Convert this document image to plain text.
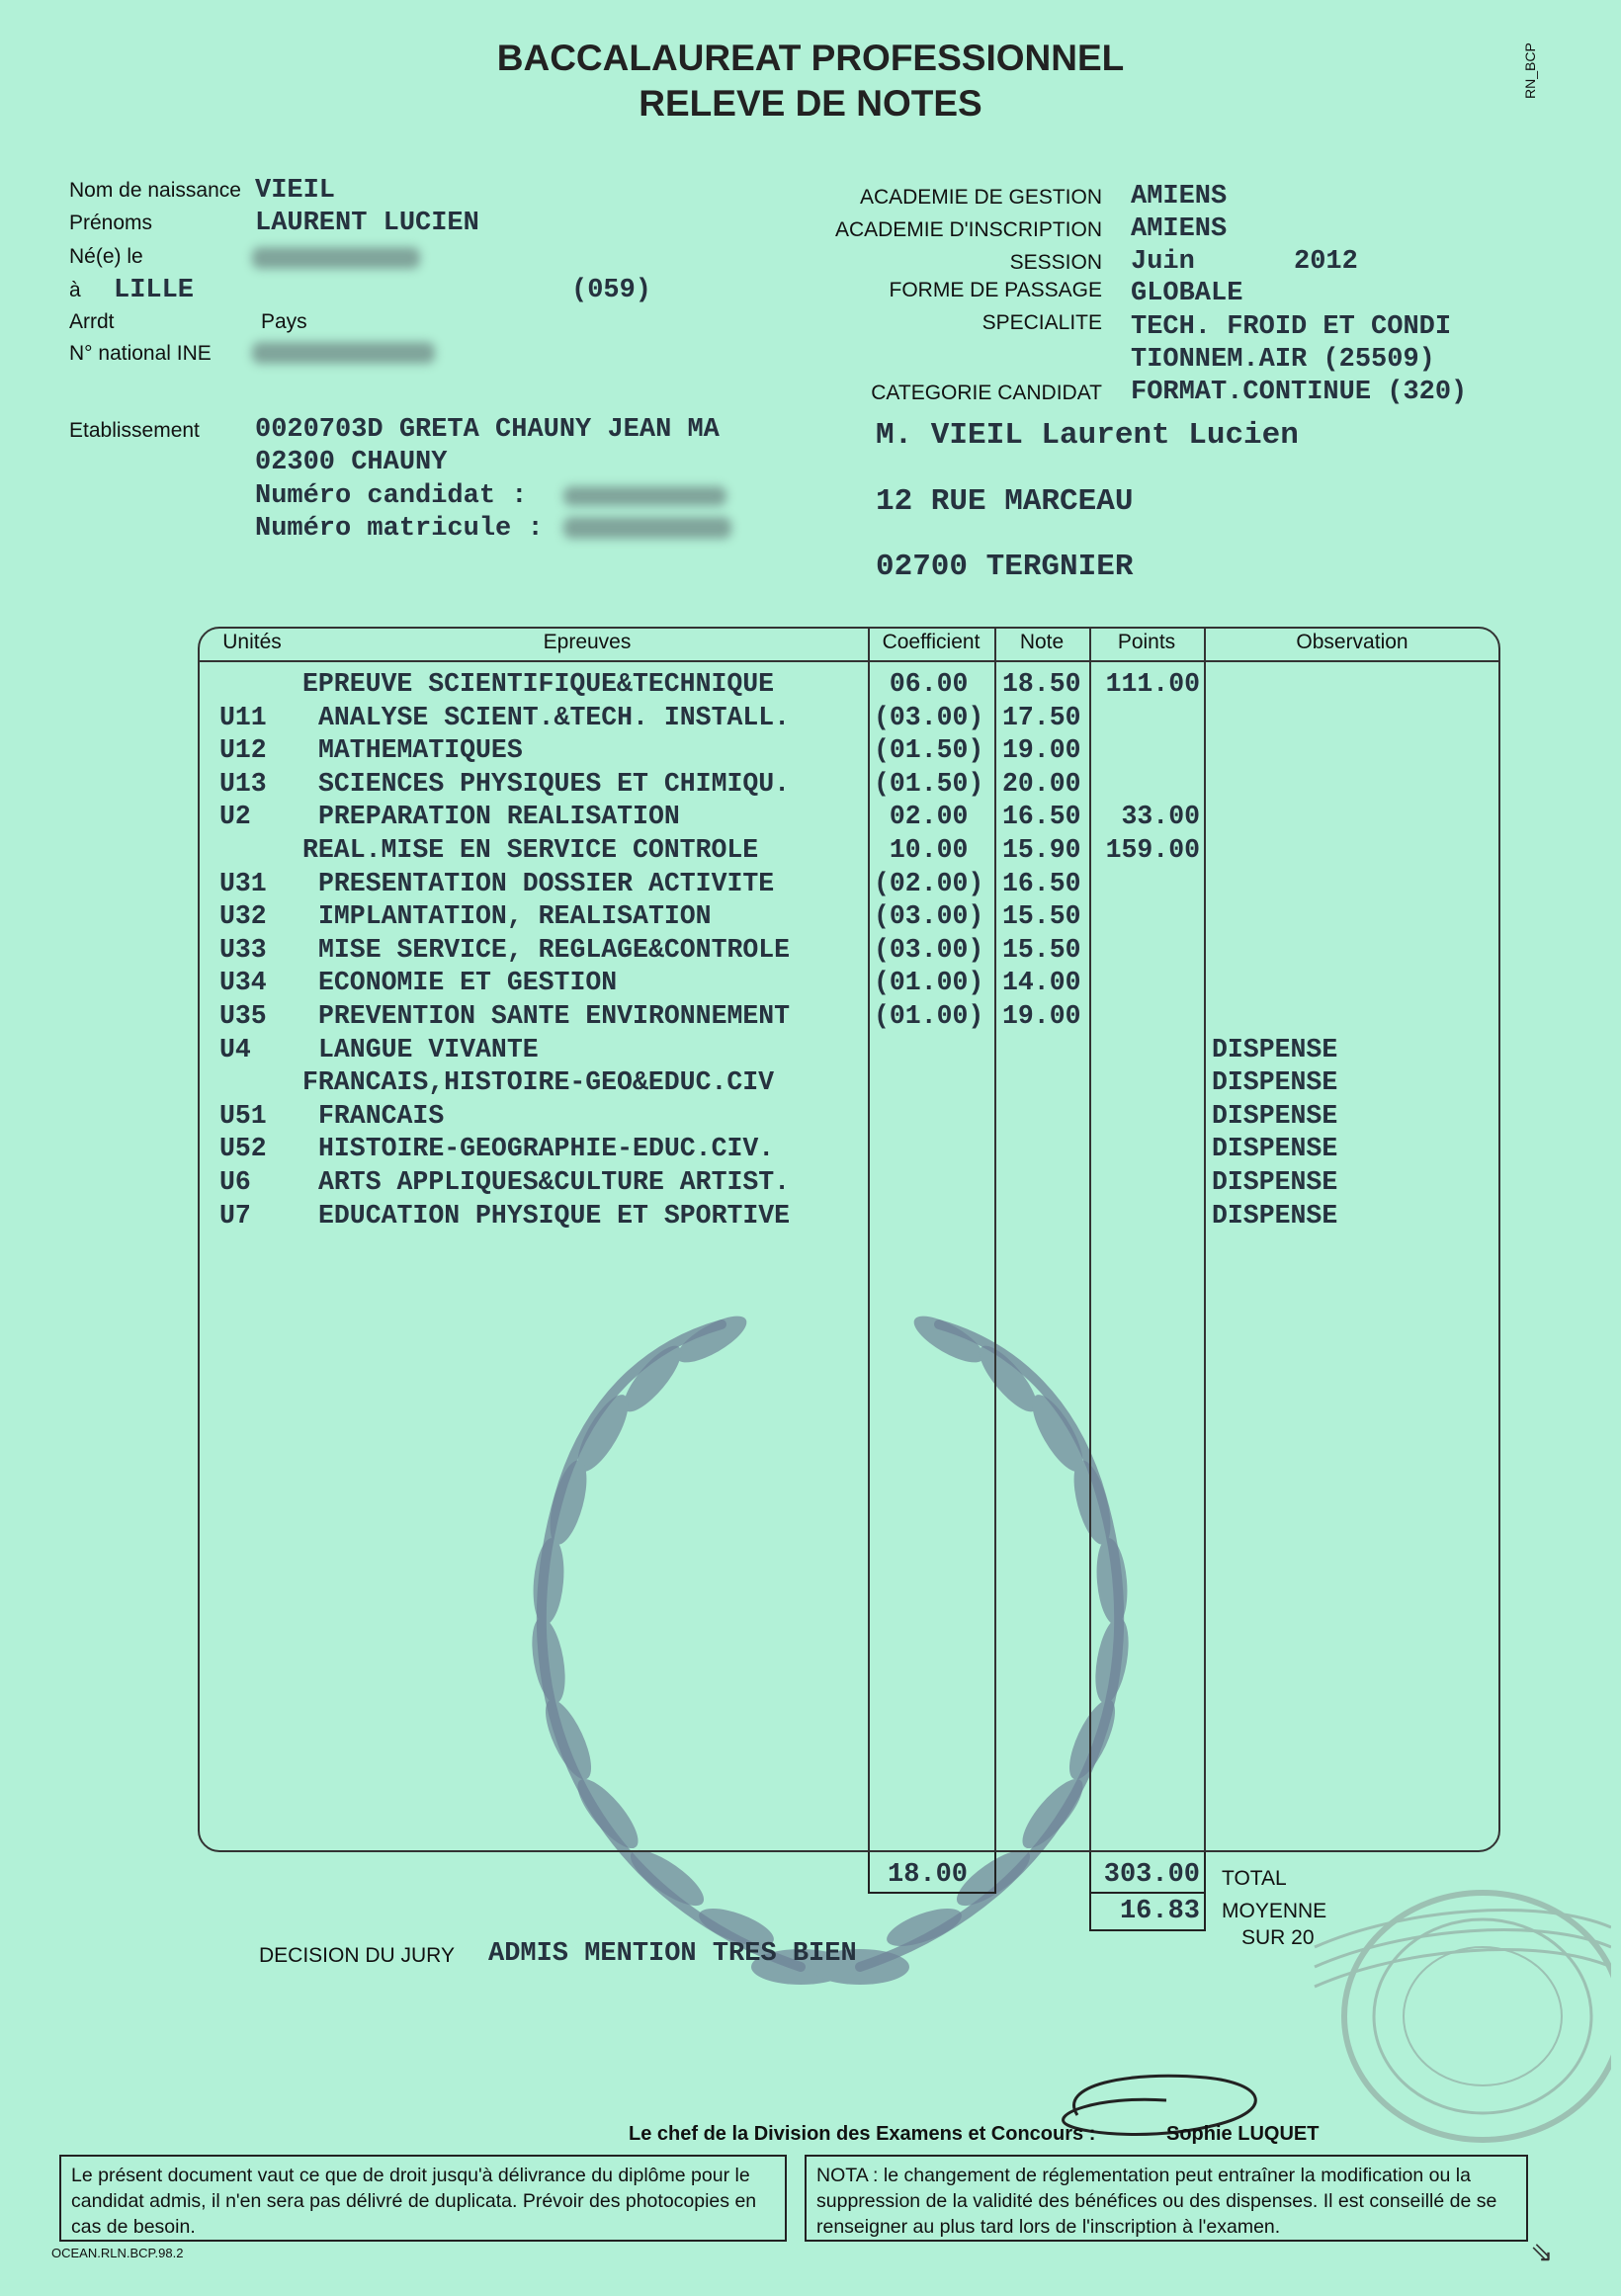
BACCALAUREAT PROFESSIONNEL
RELEVE DE NOTES
RN_BCP
Nom de naissance VIEIL
Prénoms	LAURENT LUCIEN
Né(e) le
à LILLE	(059)
Arrdt	Pays
N° national INE
ACADEMIE DE GESTION AMIENS
ACADEMIE D'INSCRIPTION AMIENS
SESSION Juin	2012
FORME DE PASSAGE GLOBALE
SPECIALITE TECH. FROID ET CONDI
TIONNEM.AIR (25509)
CATEGORIE CANDIDAT FORMAT.CONTINUE (320)
Etablissement 0020703D GRETA CHAUNY JEAN MA
02300 CHAUNY
Numéro candidat :
Numéro matricule :
M. VIEIL Laurent Lucien
12 RUE MARCEAU
02700 TERGNIER
Unités	Epreuves	Coefficient	Note	Points	Observation
EPREUVE SCIENTIFIQUE&TECHNIQUE	06.00 18.50 111.00
U11 ANALYSE SCIENT.&TECH. INSTALL.	(03.00) 17.50
U12 MATHEMATIQUES	(01.50) 19.00
U13 SCIENCES PHYSIQUES ET CHIMIQU.	(01.50) 20.00
U2	PREPARATION REALISATION	02.00 16.50 33.00
REAL.MISE EN SERVICE CONTROLE	10.00 15.90 159.00
U31 PRESENTATION DOSSIER ACTIVITE	(02.00) 16.50
U32 IMPLANTATION, REALISATION	(03.00) 15.50
U33 MISE SERVICE, REGLAGE&CONTROLE	(03.00) 15.50
U34 ECONOMIE ET GESTION	(01.00) 14.00
U35 PREVENTION SANTE ENVIRONNEMENT	(01.00) 19.00
U4	LANGUE VIVANTE	DISPENSE
FRANCAIS,HISTOIRE-GEO&EDUC.CIV	DISPENSE
U51 FRANCAIS	DISPENSE
U52 HISTOIRE-GEOGRAPHIE-EDUC.CIV.	DISPENSE
U6	ARTS APPLIQUES&CULTURE ARTIST.	DISPENSE
U7	EDUCATION PHYSIQUE ET SPORTIVE	DISPENSE
18.00	303.00 TOTAL
16.83 MOYENNE
SUR 20
DECISION DU JURY ADMIS MENTION TRES BIEN
Le chef de la Division des Examens et Concours :	Sophie LUQUET
Le présent document vaut ce que de droit jusqu'à délivrance du diplôme pour le candidat admis, il n'en sera pas délivré de duplicata. Prévoir des photocopies en cas de besoin.
NOTA : le changement de réglementation peut entraîner la modification ou la suppression de la validité des bénéfices ou des dispenses. Il est conseillé de se renseigner au plus tard lors de l'inscription à l'examen.
OCEAN.RLN.BCP.98.2	⇘
